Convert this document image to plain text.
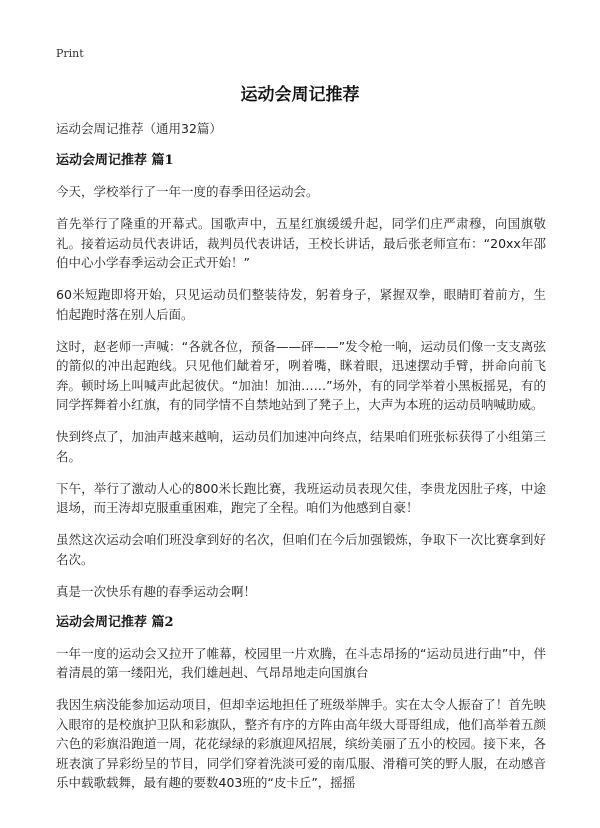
Print
运动会周记推荐

运动会周记推荐（通用32篇）

运动会周记推荐 篇1

今天，学校举行了一年一度的春季田径运动会。

首先举行了隆重的开幕式。国歌声中，五星红旗缓缓升起，同学们庄严肃穆，向国旗敬礼。接着运动员代表讲话，裁判员代表讲话，王校长讲话，最后张老师宣布：“20xx年邵伯中心小学春季运动会正式开始！”

60米短跑即将开始，只见运动员们整装待发，躬着身子，紧握双拳，眼睛盯着前方，生怕起跑时落在别人后面。

这时，赵老师一声喊：“各就各位，预备——砰——”发令枪一响，运动员们像一支支离弦的箭似的冲出起跑线。只见他们龇着牙，咧着嘴，眯着眼，迅速摆动手臂，拼命向前飞奔。顿时场上叫喊声此起彼伏。“加油！加油……”场外，有的同学举着小黑板摇晃，有的同学挥舞着小红旗，有的同学情不自禁地站到了凳子上，大声为本班的运动员呐喊助威。

快到终点了，加油声越来越响，运动员们加速冲向终点，结果咱们班张标获得了小组第三名。

下午，举行了激动人心的800米长跑比赛，我班运动员表现欠佳，李贵龙因肚子疼，中途退场，而王涛却克服重重困难，跑完了全程。咱们为他感到自豪！

虽然这次运动会咱们班没拿到好的名次，但咱们在今后加强锻炼，争取下一次比赛拿到好名次。

真是一次快乐有趣的春季运动会啊！

运动会周记推荐 篇2

一年一度的运动会又拉开了帷幕，校园里一片欢腾，在斗志昂扬的“运动员进行曲”中，伴着清晨的第一缕阳光，我们雄赳赳、气昂昂地走向国旗台

我因生病没能参加运动项目，但却幸运地担任了班级举牌手。实在太令人振奋了！首先映入眼帘的是校旗护卫队和彩旗队，整齐有序的方阵由高年级大哥哥组成，他们高举着五颜六色的彩旗沿跑道一周，花花绿绿的彩旗迎风招展，缤纷美丽了五小的校园。接下来，各班表演了异彩纷呈的节目，同学们穿着洗淡可爱的南瓜服、滑稽可笑的野人服，在动感音乐中载歌载舞，最有趣的要数403班的“皮卡丘”，摇摇
